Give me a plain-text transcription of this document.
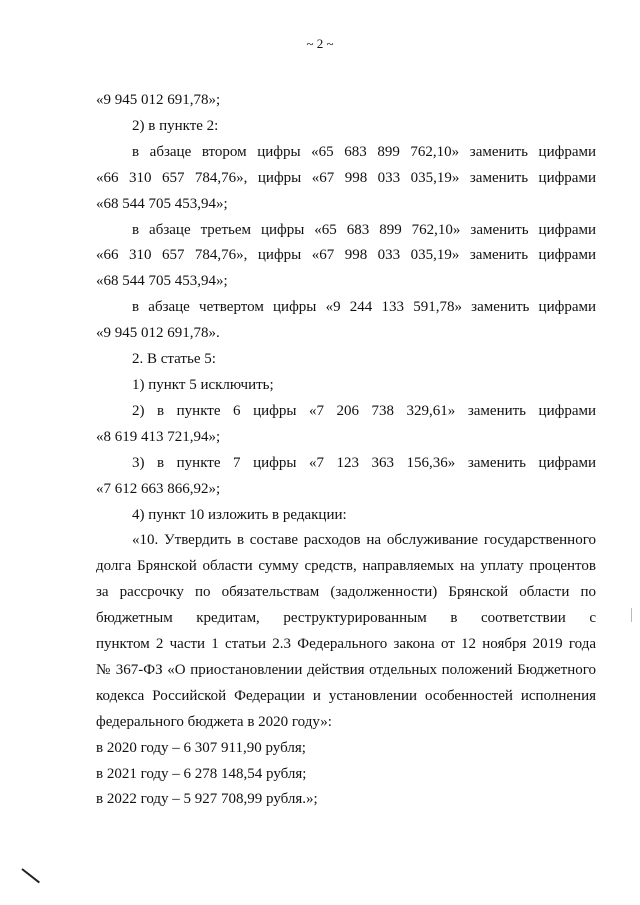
~ 2 ~

«9 945 012 691,78»;

2) в пункте 2:

в абзаце втором цифры «65 683 899 762,10» заменить цифрами

«66 310 657 784,76», цифры «67 998 033 035,19» заменить цифрами

«68 544 705 453,94»;

в абзаце третьем цифры «65 683 899 762,10» заменить цифрами

«66 310 657 784,76», цифры «67 998 033 035,19» заменить цифрами

«68 544 705 453,94»;

в абзаце четвертом цифры «9 244 133 591,78» заменить цифрами

«9 945 012 691,78».

2. В статье 5:

1) пункт 5 исключить;

2) в пункте 6 цифры «7 206 738 329,61» заменить цифрами

«8 619 413 721,94»;

3) в пункте 7 цифры «7 123 363 156,36» заменить цифрами

«7 612 663 866,92»;

4) пункт 10 изложить в редакции:

«10. Утвердить в составе расходов на обслуживание государственного

долга Брянской области сумму средств, направляемых на уплату процентов

за рассрочку по обязательствам (задолженности) Брянской области по

бюджетным кредитам, реструктурированным в соответствии с

пунктом 2 части 1 статьи 2.3 Федерального закона от 12 ноября 2019 года

№ 367-ФЗ «О приостановлении действия отдельных положений Бюджетного

кодекса Российской Федерации и установлении особенностей исполнения

федерального бюджета в 2020 году»:

в 2020 году – 6 307 911,90 рубля;

в 2021 году – 6 278 148,54 рубля;

в 2022 году – 5 927 708,99 рубля.»;
